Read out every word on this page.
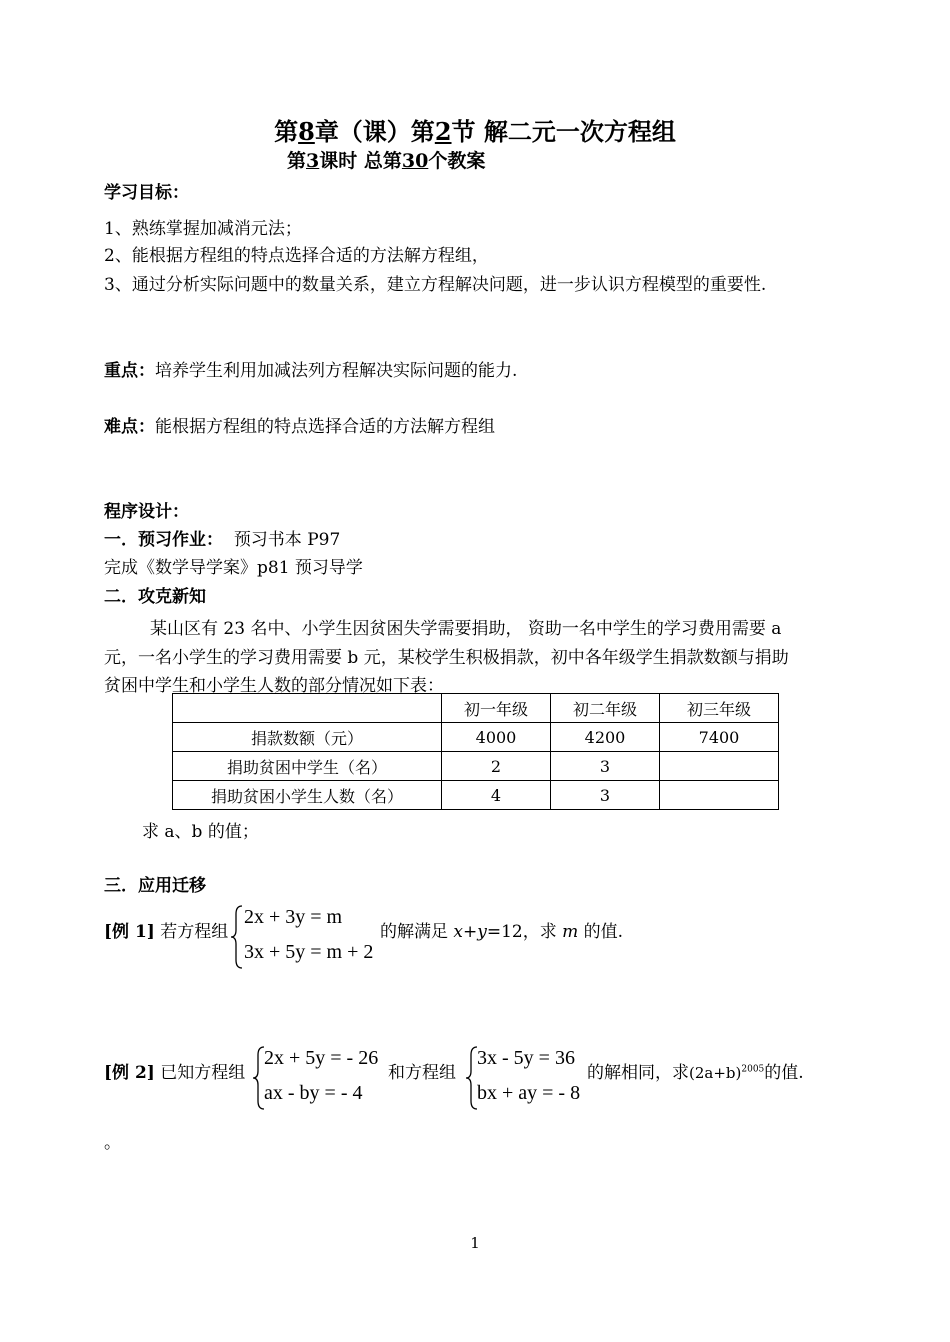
第8章（课）第2节 解二元一次方程组
第3课时 总第30个教案
学习目标：
1、熟练掌握加减消元法；
2、能根据方程组的特点选择合适的方法解方程组，
3、通过分析实际问题中的数量关系，建立方程解决问题，进一步认识方程模型的重要性.
重点：培养学生利用加减法列方程解决实际问题的能力.
难点：能根据方程组的特点选择合适的方法解方程组
程序设计：
一．预习作业： 预习书本 P97
完成《数学导学案》p81 预习导学
二．攻克新知
某山区有 23 名中、小学生因贫困失学需要捐助， 资助一名中学生的学习费用需要 a
元，一名小学生的学习费用需要 b 元，某校学生积极捐款，初中各年级学生捐款数额与捐助
贫困中学生和小学生人数的部分情况如下表：
	初一年级	初二年级	初三年级
捐款数额（元）	4000	4200	7400
捐助贫困中学生（名）	2	3	
捐助贫困小学生人数（名）	4	3	
求 a、b 的值；
三．应用迁移
[例 1] 若方程组
2x + 3y = m
3x + 5y = m + 2
的解满足 x+y=12，求 m 的值.
[例 2] 已知方程组
2x + 5y = - 26
ax - by = - 4
和方程组
3x - 5y = 36
bx + ay = - 8
的解相同，求$(2a+b)^{2005}$的值.
。
1
